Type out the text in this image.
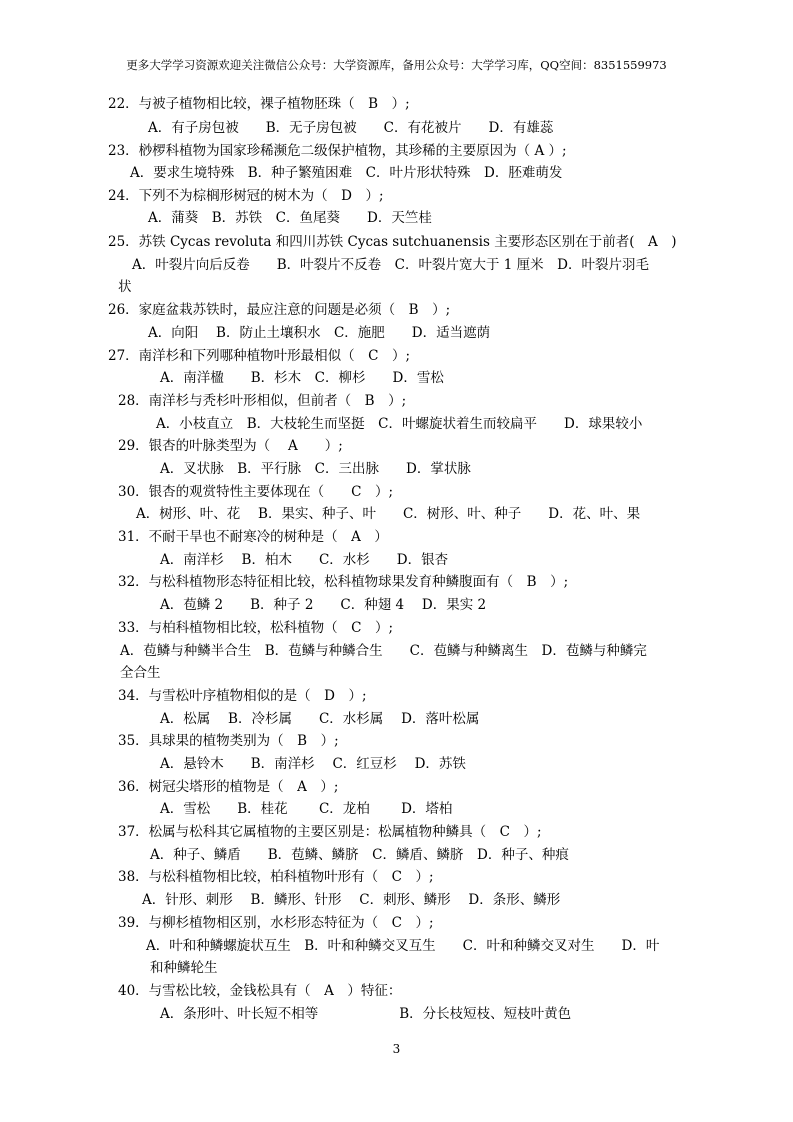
更多大学学习资源欢迎关注微信公众号：大学资源库，备用公众号：大学学习库，QQ空间：8351559973
22．与被子植物相比较，裸子植物胚珠（　B　）;
A．有子房包被　　B．无子房包被　　C．有花被片　　D．有雄蕊
23．桫椤科植物为国家珍稀濒危二级保护植物，其珍稀的主要原因为（ A ）;
A．要求生境特殊　B．种子繁殖困难　C．叶片形状特殊　D．胚难萌发
24．下列不为棕榈形树冠的树木为（　D　）;
A．蒲葵　B．苏铁　C．鱼尾葵　　D．天竺桂
25．苏铁 Cycas revoluta 和四川苏铁 Cycas sutchuanensis 主要形态区别在于前者(　A　)
A．叶裂片向后反卷　　B．叶裂片不反卷　C．叶裂片宽大于 1 厘米　D．叶裂片羽毛
状
26．家庭盆栽苏铁时，最应注意的问题是必须（　B　）;
A．向阳　 B．防止土壤积水　C．施肥　　D．适当遮荫
27．南洋杉和下列哪种植物叶形最相似（　C　）;
A．南洋楹　　B．杉木　C．柳杉　　D．雪松
28．南洋杉与秃杉叶形相似，但前者（　B　）;
A．小枝直立　B．大枝轮生而坚挺　C．叶螺旋状着生而较扁平　　D．球果较小
29．银杏的叶脉类型为（　 A　　）;
A．叉状脉　B．平行脉　C．三出脉　　D．掌状脉
30．银杏的观赏特性主要体现在（　　C　）;
A．树形、叶、花　 B．果实、种子、叶　　C．树形、叶、种子　　D．花、叶、果
31．不耐干旱也不耐寒冷的树种是（　A　）
A．南洋杉　 B．柏木　　C．水杉　　D．银杏
32．与松科植物形态特征相比较，松科植物球果发育种鳞腹面有（　B　）;
A．苞鳞 2　　B．种子 2　　C．种翅 4　 D．果实 2
33．与柏科植物相比较，松科植物（　C　）;
A．苞鳞与种鳞半合生　B．苞鳞与种鳞合生　　C．苞鳞与种鳞离生　D．苞鳞与种鳞完
全合生
34．与雪松叶序植物相似的是（　D　）;
A．松属　 B．冷杉属　　C．水杉属　 D．落叶松属
35．具球果的植物类别为（　B　）;
A．悬铃木　　B．南洋杉　 C．红豆杉　 D．苏铁
36．树冠尖塔形的植物是（　A　）;
A．雪松　　B．桂花　　 C．龙柏　　 D．塔柏
37．松属与松科其它属植物的主要区别是：松属植物种鳞具（　C　）;
A．种子、鳞盾　　B．苞鳞、鳞脐　C．鳞盾、鳞脐　D．种子、种痕
38．与松科植物相比较，柏科植物叶形有（　C　）;
A．针形、刺形　 B．鳞形、针形　 C．刺形、鳞形　 D．条形、鳞形
39．与柳杉植物相区别，水杉形态特征为（　C　）;
A．叶和种鳞螺旋状互生　B．叶和种鳞交叉互生　　C．叶和种鳞交叉对生　　D．叶
和种鳞轮生
40．与雪松比较，金钱松具有（　A　）特征：
A．条形叶、叶长短不相等　　　　　　B．分长枝短枝、短枝叶黄色
3
